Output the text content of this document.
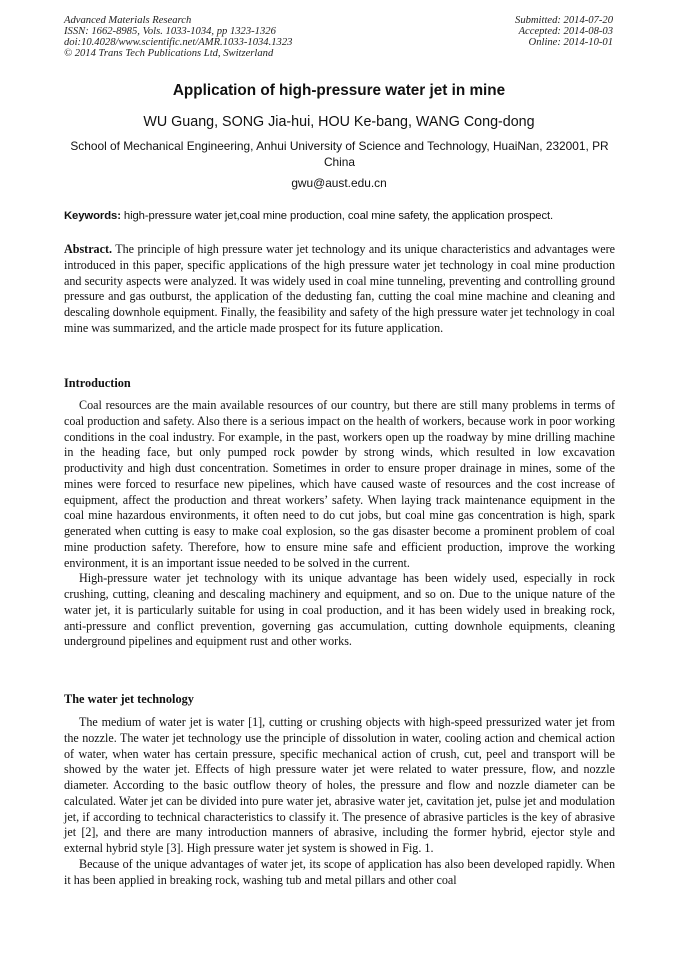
Advanced Materials Research
ISSN: 1662-8985, Vols. 1033-1034, pp 1323-1326
doi:10.4028/www.scientific.net/AMR.1033-1034.1323
© 2014 Trans Tech Publications Ltd, Switzerland
Submitted: 2014-07-20
Accepted: 2014-08-03
Online: 2014-10-01
Application of high-pressure water jet in mine
WU Guang, SONG Jia-hui, HOU Ke-bang, WANG Cong-dong
School of Mechanical Engineering, Anhui University of Science and Technology, HuaiNan, 232001, PR China
gwu@aust.edu.cn
Keywords: high-pressure water jet,coal mine production, coal mine safety, the application prospect.

Abstract. The principle of high pressure water jet technology and its unique characteristics and advantages were introduced in this paper, specific applications of the high pressure water jet technology in coal mine production and security aspects were analyzed. It was widely used in coal mine tunneling, preventing and controlling ground pressure and gas outburst, the application of the dedusting fan, cutting the coal mine machine and cleaning and descaling downhole equipment. Finally, the feasibility and safety of the high pressure water jet technology in coal mine was summarized, and the article made prospect for its future application.

Introduction

Coal resources are the main available resources of our country, but there are still many problems in terms of coal production and safety. Also there is a serious impact on the health of workers, because work in poor working conditions in the coal industry. For example, in the past, workers open up the roadway by mine drilling machine in the heading face, but only pumped rock powder by strong winds, which resulted in low excavation productivity and high dust concentration. Sometimes in order to ensure proper drainage in mines, some of the mines were forced to resurface new pipelines, which have caused waste of resources and the cost increase of equipment, affect the production and threat workers’ safety. When laying track maintenance equipment in the coal mine hazardous environments, it often need to do cut jobs, but coal mine gas concentration is high, spark generated when cutting is easy to make coal explosion, so the gas disaster become a prominent problem of coal mine production safety. Therefore, how to ensure mine safe and efficient production, improve the working environment, it is an important issue needed to be solved in the current.

High-pressure water jet technology with its unique advantage has been widely used, especially in rock crushing, cutting, cleaning and descaling machinery and equipment, and so on. Due to the unique nature of the water jet, it is particularly suitable for using in coal production, and it has been widely used in breaking rock, anti-pressure and conflict prevention, governing gas accumulation, cutting downhole equipments, cleaning underground pipelines and equipment rust and other works.

The water jet technology

The medium of water jet is water [1], cutting or crushing objects with high-speed pressurized water jet from the nozzle. The water jet technology use the principle of dissolution in water, cooling action and chemical action of water, when water has certain pressure, specific mechanical action of crush, cut, peel and transport will be showed by the water jet. Effects of high pressure water jet were related to water pressure, flow, and nozzle diameter. According to the basic outflow theory of holes, the pressure and flow and nozzle diameter can be calculated. Water jet can be divided into pure water jet, abrasive water jet, cavitation jet, pulse jet and modulation jet, if according to technical characteristics to classify it. The presence of abrasive particles is the key of abrasive jet [2], and there are many introduction manners of abrasive, including the former hybrid, ejector style and external hybrid style [3]. High pressure water jet system is showed in Fig. 1.

Because of the unique advantages of water jet, its scope of application has also been developed rapidly. When it has been applied in breaking rock, washing tub and metal pillars and other coal
